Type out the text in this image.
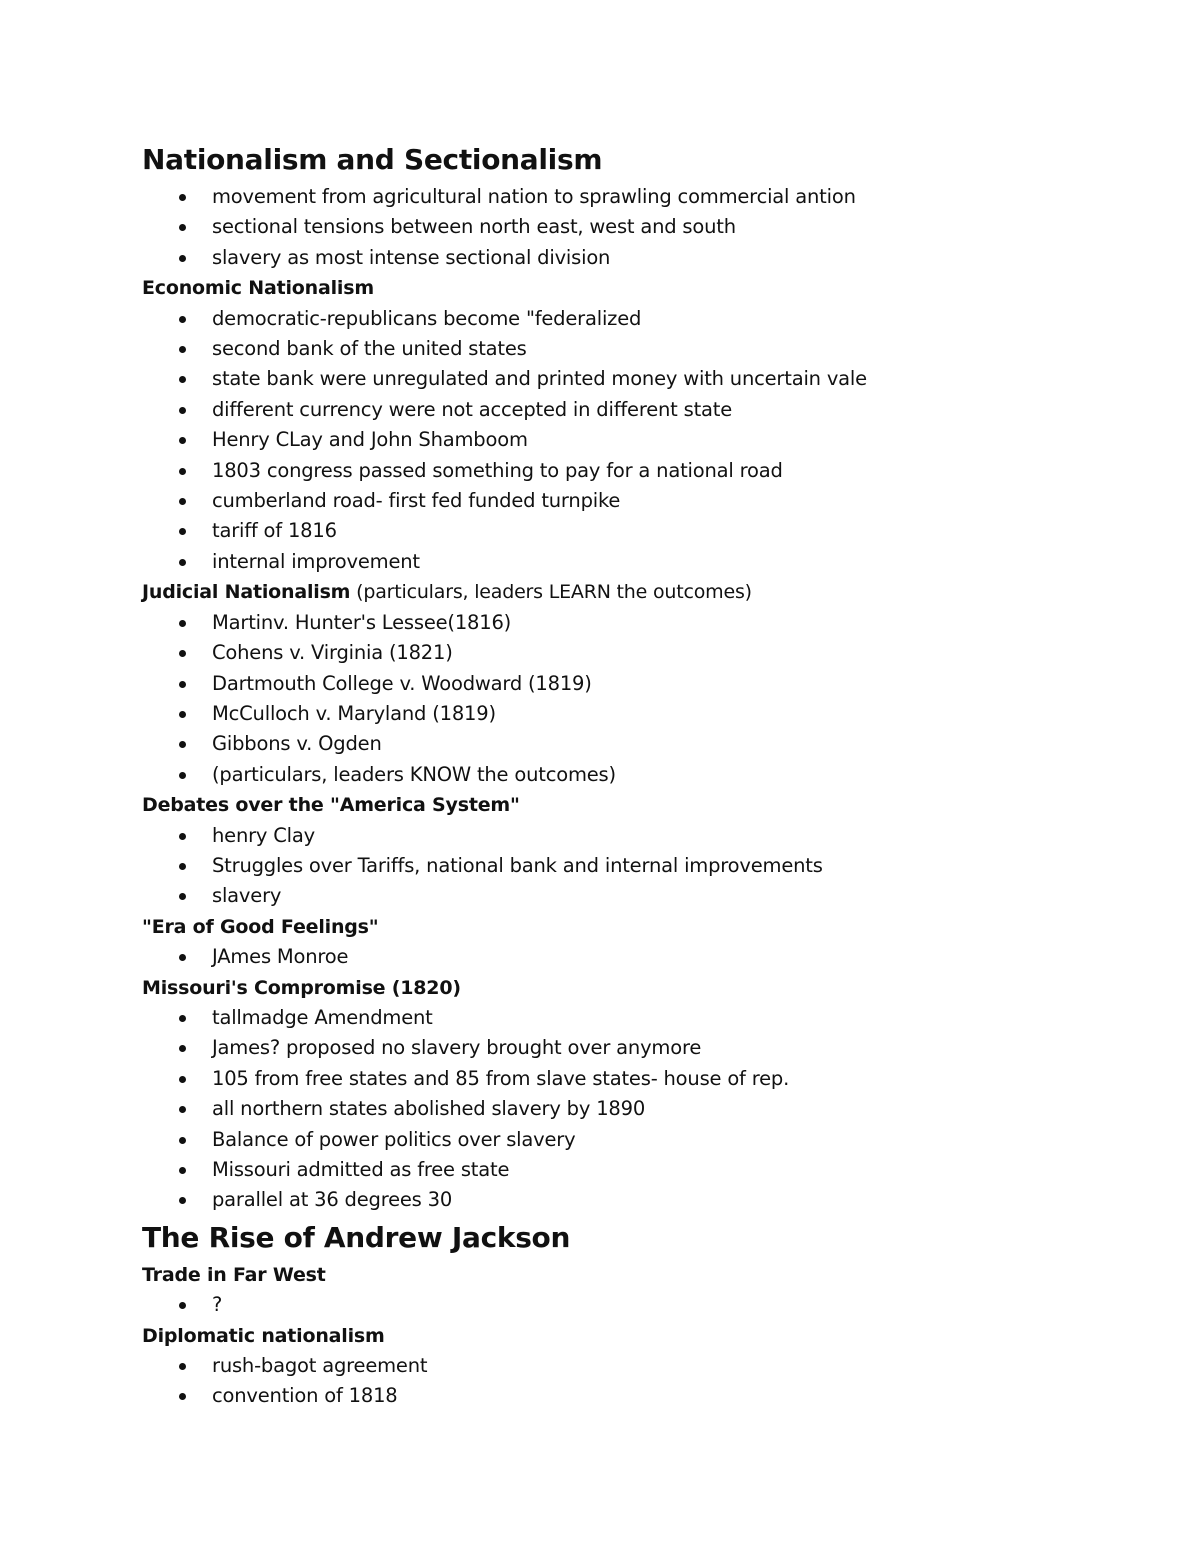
Nationalism and Sectionalism
movement from agricultural nation to sprawling commercial antion
sectional tensions between north east, west and south
slavery as most intense sectional division
Economic Nationalism
democratic-republicans become "federalized
second bank of the united states
state bank were unregulated and printed money with uncertain vale
different currency were not accepted in different state
Henry CLay and John Shamboom
1803 congress passed something to pay for a national road
cumberland road- first fed funded turnpike
tariff of 1816
internal improvement
Judicial Nationalism (particulars, leaders LEARN the outcomes)
Martinv. Hunter's Lessee(1816)
Cohens v. Virginia (1821)
Dartmouth College v. Woodward (1819)
McCulloch v. Maryland (1819)
Gibbons v. Ogden
(particulars, leaders KNOW the outcomes)
Debates over the "America System"
henry Clay
Struggles over Tariffs, national bank and internal improvements
slavery
"Era of Good Feelings"
JAmes Monroe
Missouri's Compromise (1820)
tallmadge Amendment
James? proposed no slavery brought over anymore
105 from free states and 85 from slave states- house of rep.
all northern states abolished slavery by 1890
Balance of power politics over slavery
Missouri admitted as free state
parallel at 36 degrees 30
The Rise of Andrew Jackson
Trade in Far West
?
Diplomatic nationalism
rush-bagot agreement
convention of 1818
